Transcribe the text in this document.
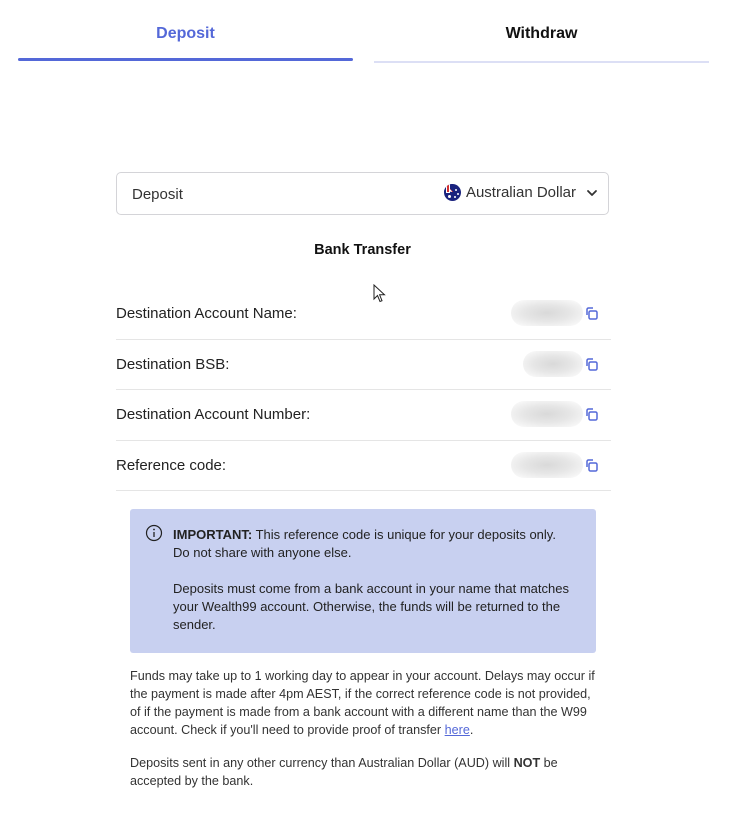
Deposit	Withdraw
Deposit	Australian Dollar
Bank Transfer
Destination Account Name:
Destination BSB:
Destination Account Number:
Reference code:

IMPORTANT: This reference code is unique for your deposits only. Do not share with anyone else.

Deposits must come from a bank account in your name that matches your Wealth99 account. Otherwise, the funds will be returned to the sender.

Funds may take up to 1 working day to appear in your account. Delays may occur if the payment is made after 4pm AEST, if the correct reference code is not provided, of if the payment is made from a bank account with a different name than the W99 account. Check if you'll need to provide proof of transfer here.

Deposits sent in any other currency than Australian Dollar (AUD) will NOT be accepted by the bank.
